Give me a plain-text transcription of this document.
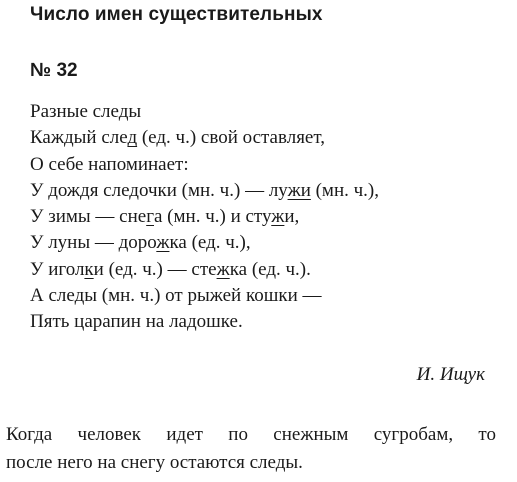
Число имен существительных
№ 32
Разные следы
Каждый след (ед. ч.) свой оставляет,
О себе напоминает:
У дождя следочки (мн. ч.) — лужи (мн. ч.),
У зимы — снега (мн. ч.) и стужи,
У луны — дорожка (ед. ч.),
У иголки (ед. ч.) — стежка (ед. ч.).
А следы (мн. ч.) от рыжей кошки —
Пять царапин на ладошке.
И. Ищук
Когда человек идет по снежным сугробам, то
после него на снегу остаются следы.
